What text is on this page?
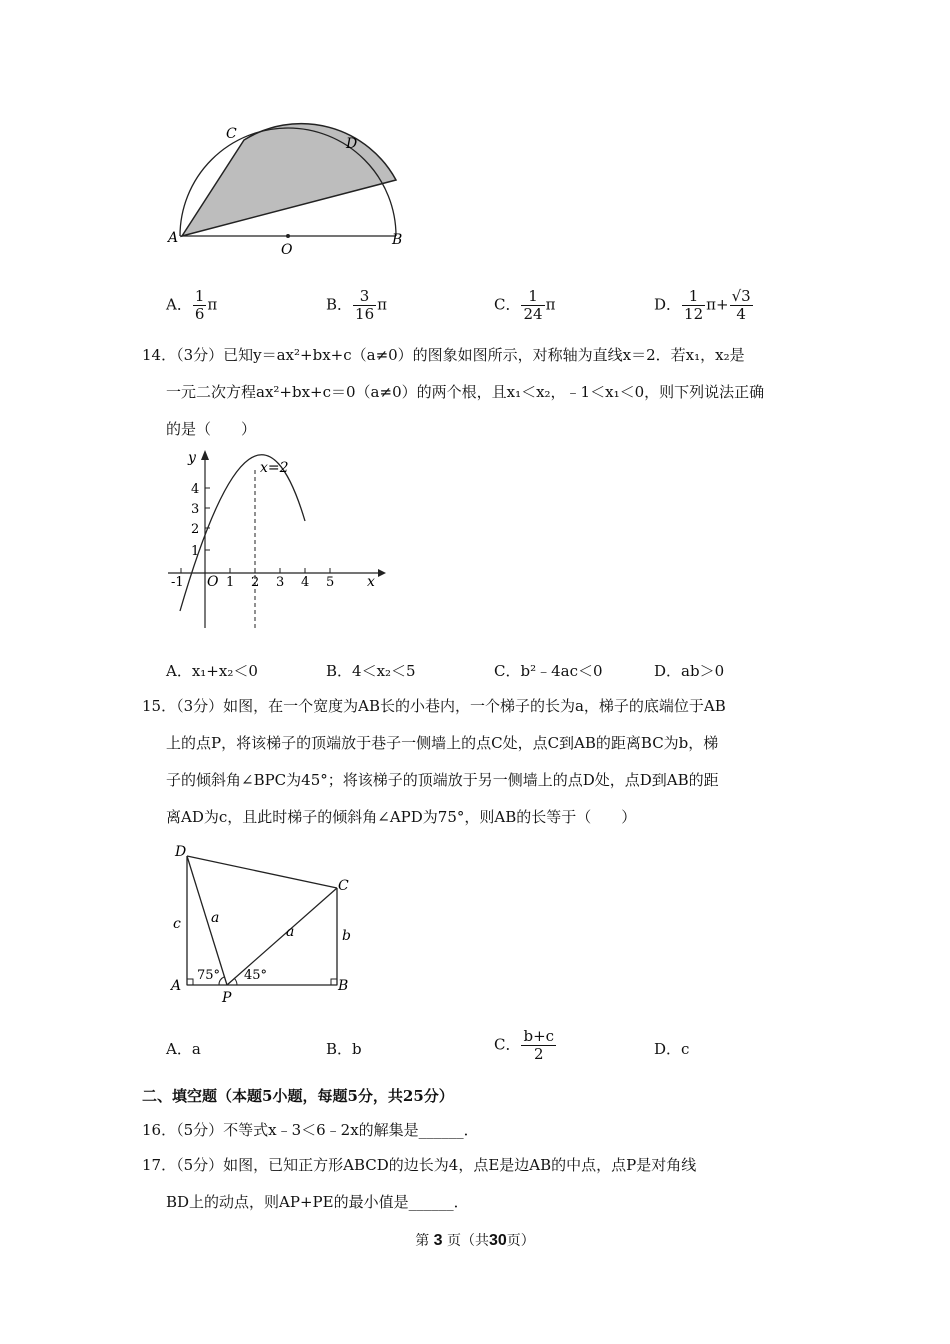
C
D
A
O
B
A． $\frac{1}{6}$ π	B． $\frac{3}{16}$ π	C． $\frac{1}{24}$ π	D． $\frac{1}{12} \pi+ \frac{√3}{4}$
14．（3分）已知y＝ax²+bx+c（a≠0）的图象如图所示，对称轴为直线x＝2．若x₁，x₂是
一元二次方程ax²+bx+c＝0（a≠0）的两个根，且x₁＜x₂，﹣1＜x₁＜0，则下列说法正确
的是（　　）
y
x
x=2
O
4
3
2
1
-1	1 2 3 4 5
A．x₁+x₂＜0	B．4＜x₂＜5	C．b²﹣4ac＜0	D．ab＞0
15．（3分）如图，在一个宽度为AB长的小巷内，一个梯子的长为a，梯子的底端位于AB
上的点P，将该梯子的顶端放于巷子一侧墙上的点C处，点C到AB的距离BC为b，梯
子的倾斜角∠BPC为45°；将该梯子的顶端放于另一侧墙上的点D处，点D到AB的距
离AD为c，且此时梯子的倾斜角∠APD为75°，则AB的长等于（　　）
D
C
A	B
P
a
a	b
c
75° 45°
A．a	B．b	C． $\frac{b+c}{2}$	D．c
二、填空题（本题5小题，每题5分，共25分）
16．（5分）不等式x﹣3＜6﹣2x的解集是______．
17．（5分）如图，已知正方形ABCD的边长为4，点E是边AB的中点，点P是对角线
BD上的动点，则AP+PE的最小值是______．
第 3 页（共30页）
